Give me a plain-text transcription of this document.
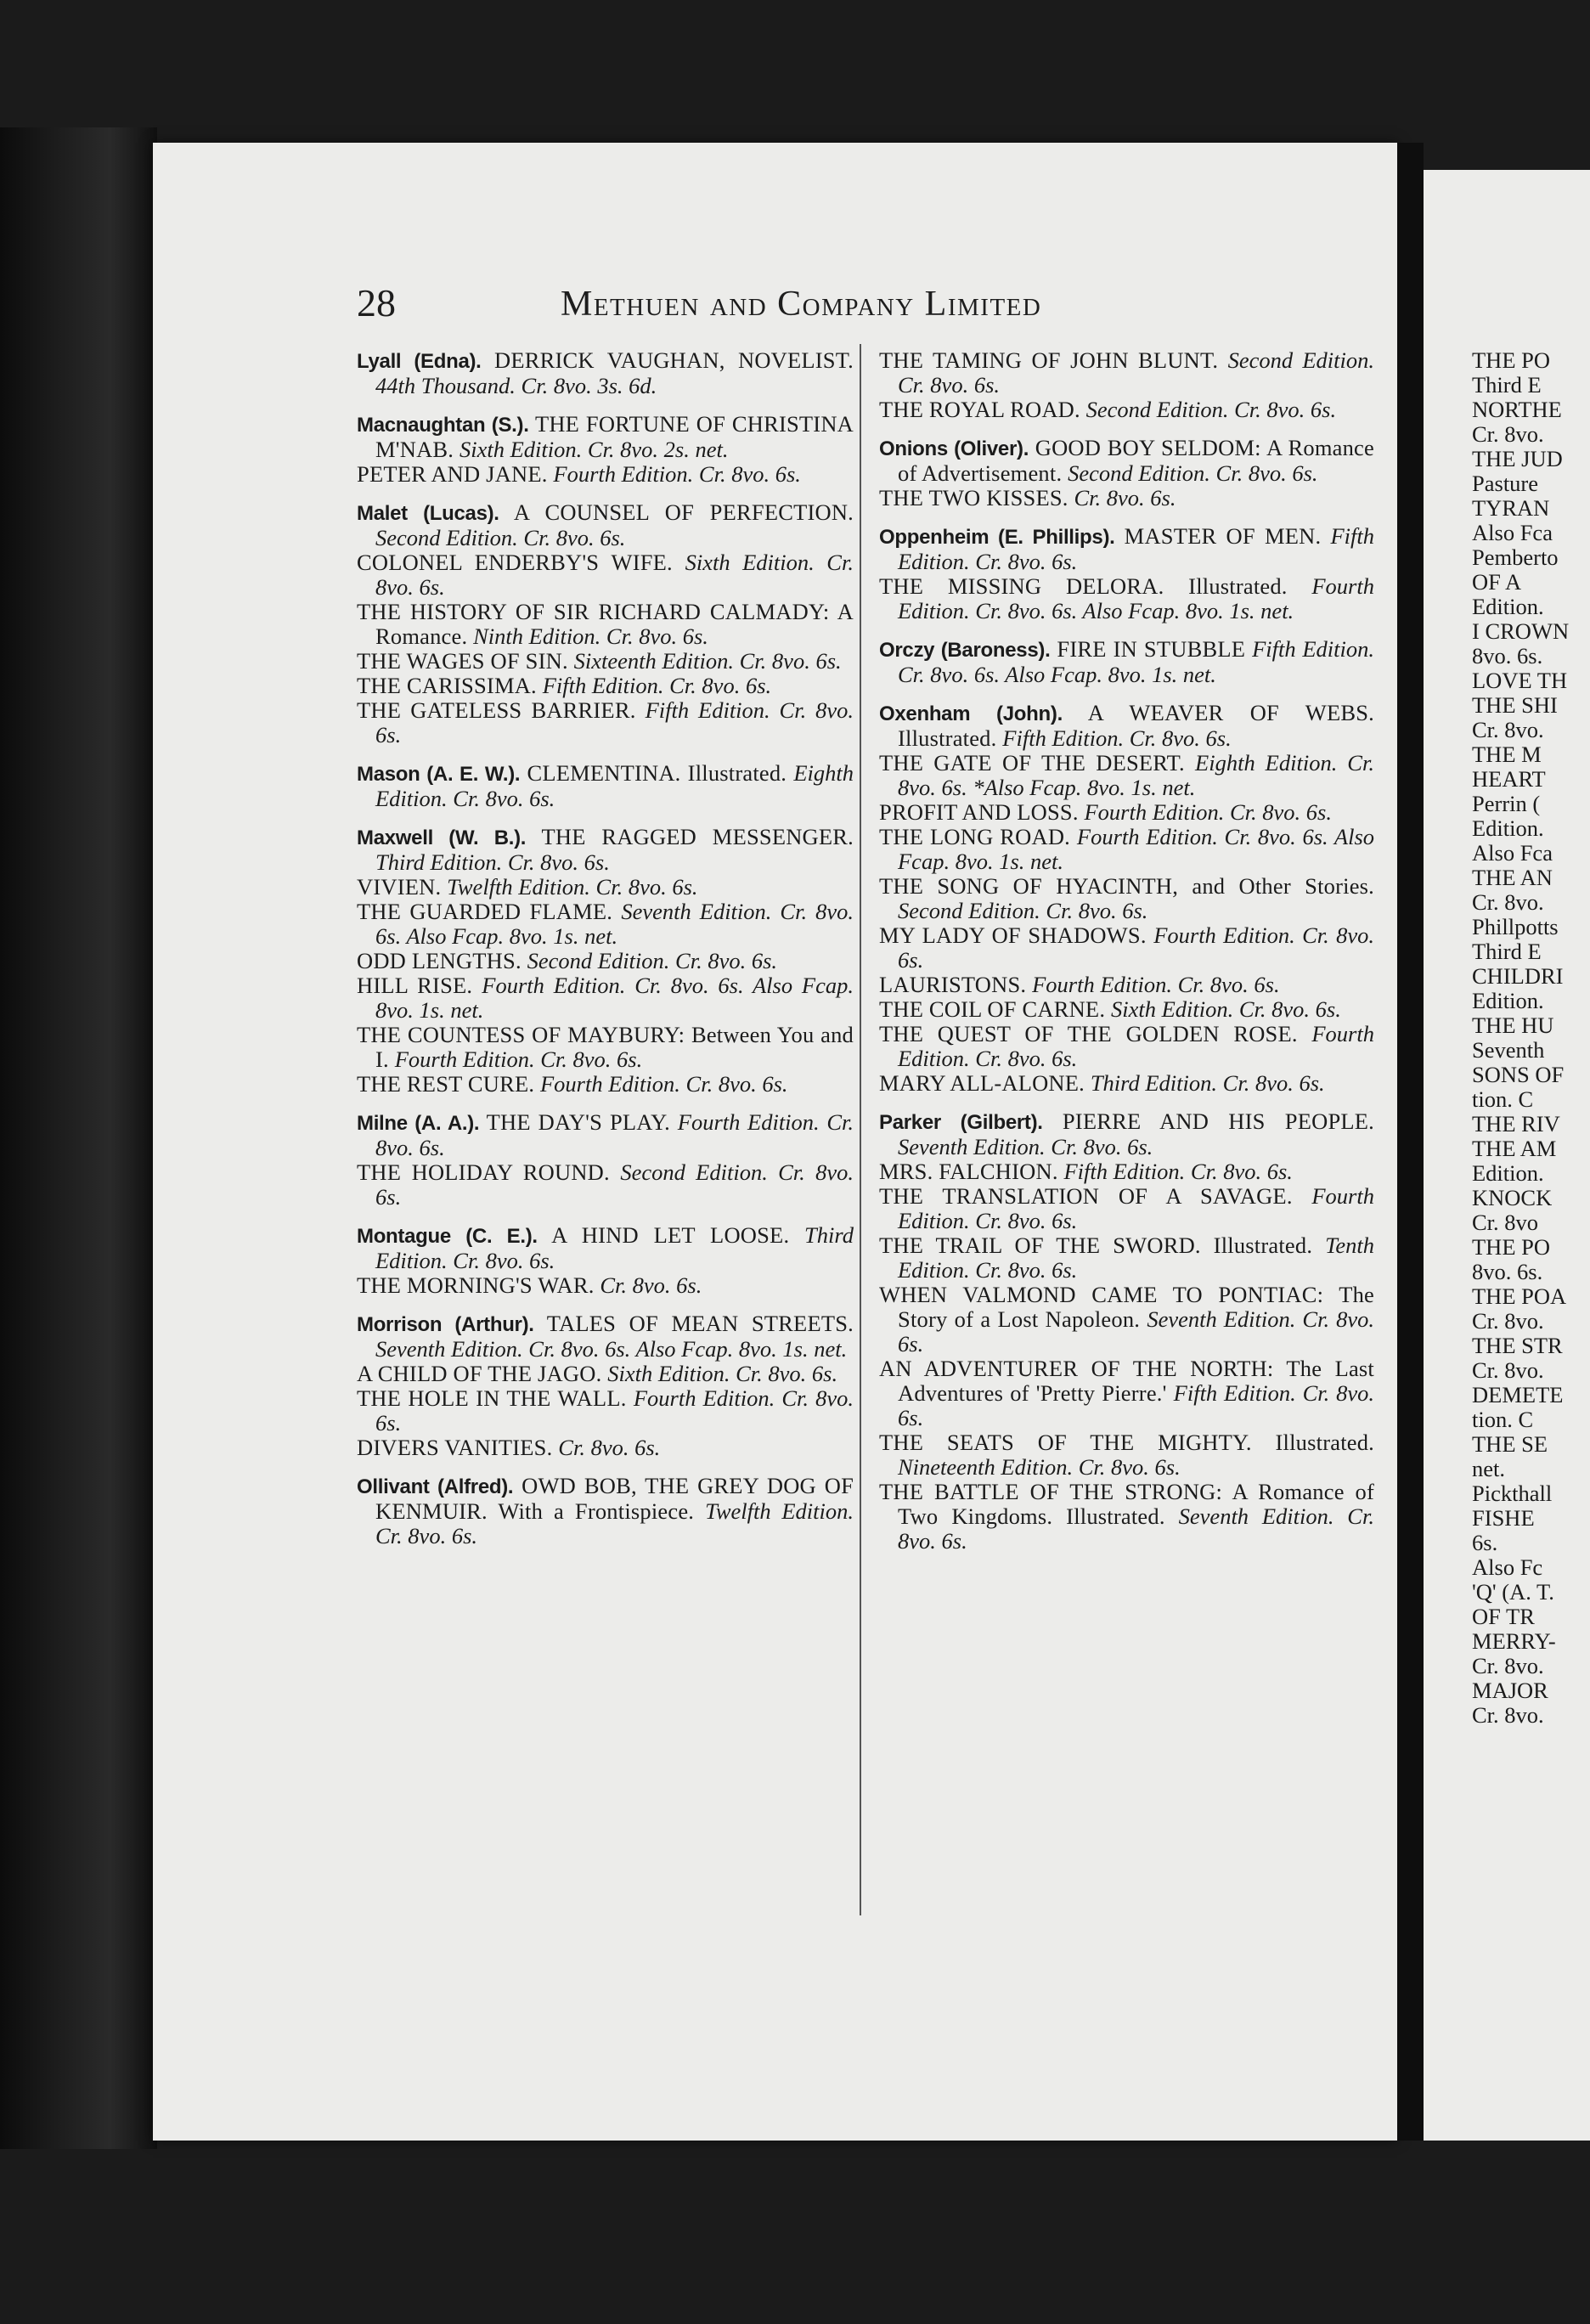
28	Methuen and Company Limited
Lyall (Edna). DERRICK VAUGHAN, NOVELIST. 44th Thousand. Cr. 8vo. 3s. 6d.
Macnaughtan (S.). THE FORTUNE OF CHRISTINA M'NAB. Sixth Edition. Cr. 8vo. 2s. net.
PETER AND JANE. Fourth Edition. Cr. 8vo. 6s.
Malet (Lucas). A COUNSEL OF PERFECTION. Second Edition. Cr. 8vo. 6s.
COLONEL ENDERBY'S WIFE. Sixth Edition. Cr. 8vo. 6s.
THE HISTORY OF SIR RICHARD CALMADY: A Romance. Ninth Edition. Cr. 8vo. 6s.
THE WAGES OF SIN. Sixteenth Edition. Cr. 8vo. 6s.
THE CARISSIMA. Fifth Edition. Cr. 8vo. 6s.
THE GATELESS BARRIER. Fifth Edition. Cr. 8vo. 6s.
Mason (A. E. W.). CLEMENTINA. Illustrated. Eighth Edition. Cr. 8vo. 6s.
Maxwell (W. B.). THE RAGGED MESSENGER. Third Edition. Cr. 8vo. 6s.
VIVIEN. Twelfth Edition. Cr. 8vo. 6s.
THE GUARDED FLAME. Seventh Edition. Cr. 8vo. 6s. Also Fcap. 8vo. 1s. net.
ODD LENGTHS. Second Edition. Cr. 8vo. 6s.
HILL RISE. Fourth Edition. Cr. 8vo. 6s. Also Fcap. 8vo. 1s. net.
THE COUNTESS OF MAYBURY: Between You and I. Fourth Edition. Cr. 8vo. 6s.
THE REST CURE. Fourth Edition. Cr. 8vo. 6s.
Milne (A. A.). THE DAY'S PLAY. Fourth Edition. Cr. 8vo. 6s.
THE HOLIDAY ROUND. Second Edition. Cr. 8vo. 6s.
Montague (C. E.). A HIND LET LOOSE. Third Edition. Cr. 8vo. 6s.
THE MORNING'S WAR. Cr. 8vo. 6s.
Morrison (Arthur). TALES OF MEAN STREETS. Seventh Edition. Cr. 8vo. 6s. Also Fcap. 8vo. 1s. net.
A CHILD OF THE JAGO. Sixth Edition. Cr. 8vo. 6s.
THE HOLE IN THE WALL. Fourth Edition. Cr. 8vo. 6s.
DIVERS VANITIES. Cr. 8vo. 6s.
Ollivant (Alfred). OWD BOB, THE GREY DOG OF KENMUIR. With a Frontispiece. Twelfth Edition. Cr. 8vo. 6s.
THE TAMING OF JOHN BLUNT. Second Edition. Cr. 8vo. 6s.
THE ROYAL ROAD. Second Edition. Cr. 8vo. 6s.
Onions (Oliver). GOOD BOY SELDOM: A Romance of Advertisement. Second Edition. Cr. 8vo. 6s.
THE TWO KISSES. Cr. 8vo. 6s.
Oppenheim (E. Phillips). MASTER OF MEN. Fifth Edition. Cr. 8vo. 6s.
THE MISSING DELORA. Illustrated. Fourth Edition. Cr. 8vo. 6s. Also Fcap. 8vo. 1s. net.
Orczy (Baroness). FIRE IN STUBBLE Fifth Edition. Cr. 8vo. 6s. Also Fcap. 8vo. 1s. net.
Oxenham (John). A WEAVER OF WEBS. Illustrated. Fifth Edition. Cr. 8vo. 6s.
THE GATE OF THE DESERT. Eighth Edition. Cr. 8vo. 6s. *Also Fcap. 8vo. 1s. net.
PROFIT AND LOSS. Fourth Edition. Cr. 8vo. 6s.
THE LONG ROAD. Fourth Edition. Cr. 8vo. 6s. Also Fcap. 8vo. 1s. net.
THE SONG OF HYACINTH, and Other Stories. Second Edition. Cr. 8vo. 6s.
MY LADY OF SHADOWS. Fourth Edition. Cr. 8vo. 6s.
LAURISTONS. Fourth Edition. Cr. 8vo. 6s.
THE COIL OF CARNE. Sixth Edition. Cr. 8vo. 6s.
THE QUEST OF THE GOLDEN ROSE. Fourth Edition. Cr. 8vo. 6s.
MARY ALL-ALONE. Third Edition. Cr. 8vo. 6s.
Parker (Gilbert). PIERRE AND HIS PEOPLE. Seventh Edition. Cr. 8vo. 6s.
MRS. FALCHION. Fifth Edition. Cr. 8vo. 6s.
THE TRANSLATION OF A SAVAGE. Fourth Edition. Cr. 8vo. 6s.
THE TRAIL OF THE SWORD. Illustrated. Tenth Edition. Cr. 8vo. 6s.
WHEN VALMOND CAME TO PONTIAC: The Story of a Lost Napoleon. Seventh Edition. Cr. 8vo. 6s.
AN ADVENTURER OF THE NORTH: The Last Adventures of 'Pretty Pierre.' Fifth Edition. Cr. 8vo. 6s.
THE SEATS OF THE MIGHTY. Illustrated. Nineteenth Edition. Cr. 8vo. 6s.
THE BATTLE OF THE STRONG: A Romance of Two Kingdoms. Illustrated. Seventh Edition. Cr. 8vo. 6s.
THE PO
Third E
NORTHE
Cr. 8vo.
THE JUD
Pasture
TYRAN
Also Fca
Pemberto
OF A
Edition.
I CROWN
8vo. 6s.
LOVE TH
THE SHI
Cr. 8vo.
THE M
HEART
Perrin (
Edition.
Also Fca
THE AN
Cr. 8vo.
Phillpotts
Third E
CHILDRI
Edition.
THE HU
Seventh
SONS OF
tion. C
THE RIV
THE AM
Edition.
KNOCK
Cr. 8vo
THE PO
8vo. 6s.
THE POA
Cr. 8vo.
THE STR
Cr. 8vo.
DEMETE
tion. C
THE SE
net.
Pickthall
FISHE
6s.
Also Fc
'Q' (A. T.
OF TR
MERRY-
Cr. 8vo.
MAJOR
Cr. 8vo.
